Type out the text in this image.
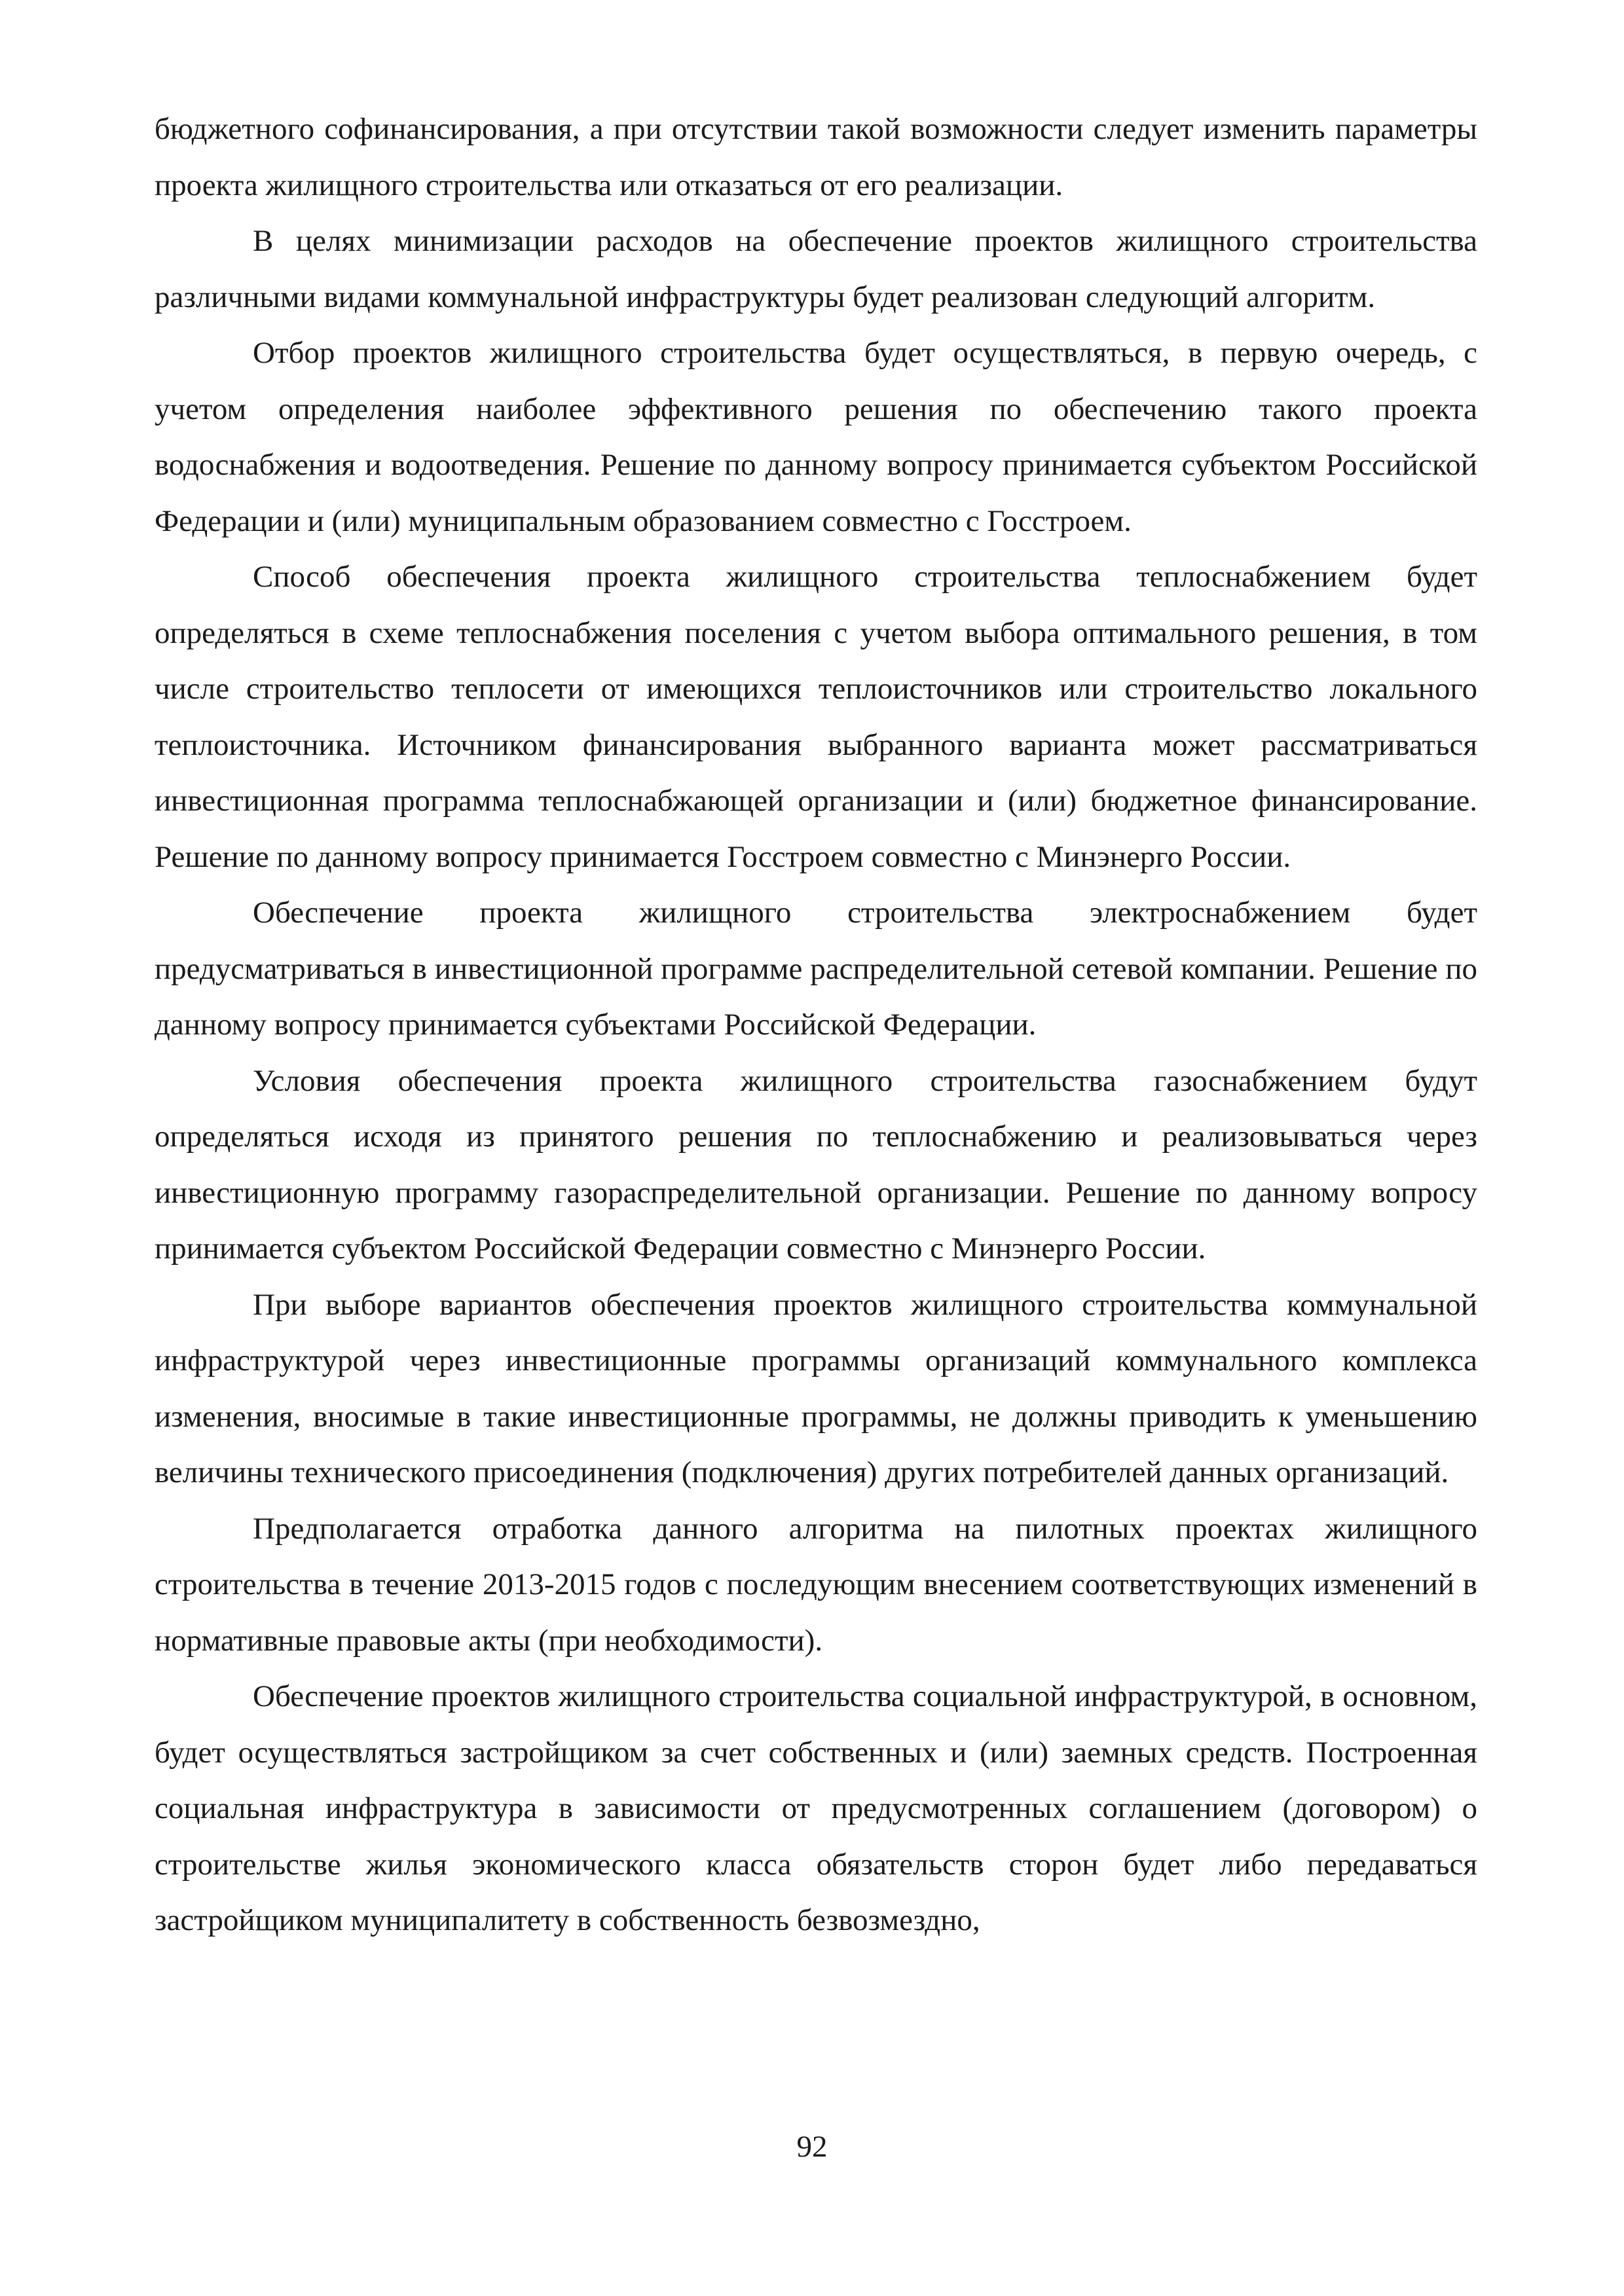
бюджетного софинансирования, а при отсутствии такой возможности следует изменить параметры проекта жилищного строительства или отказаться от его реализации.

В целях минимизации расходов на обеспечение проектов жилищного строительства различными видами коммунальной инфраструктуры будет реализован следующий алгоритм.

Отбор проектов жилищного строительства будет осуществляться, в первую очередь, с учетом определения наиболее эффективного решения по обеспечению такого проекта водоснабжения и водоотведения. Решение по данному вопросу принимается субъектом Российской Федерации и (или) муниципальным образованием совместно с Госстроем.

Способ обеспечения проекта жилищного строительства теплоснабжением будет определяться в схеме теплоснабжения поселения с учетом выбора оптимального решения, в том числе строительство теплосети от имеющихся теплоисточников или строительство локального теплоисточника. Источником финансирования выбранного варианта может рассматриваться инвестиционная программа теплоснабжающей организации и (или) бюджетное финансирование. Решение по данному вопросу принимается Госстроем совместно с Минэнерго России.

Обеспечение проекта жилищного строительства электроснабжением будет предусматриваться в инвестиционной программе распределительной сетевой компании. Решение по данному вопросу принимается субъектами Российской Федерации.

Условия обеспечения проекта жилищного строительства газоснабжением будут определяться исходя из принятого решения по теплоснабжению и реализовываться через инвестиционную программу газораспределительной организации. Решение по данному вопросу принимается субъектом Российской Федерации совместно с Минэнерго России.

При выборе вариантов обеспечения проектов жилищного строительства коммунальной инфраструктурой через инвестиционные программы организаций коммунального комплекса изменения, вносимые в такие инвестиционные программы, не должны приводить к уменьшению величины технического присоединения (подключения) других потребителей данных организаций.

Предполагается отработка данного алгоритма на пилотных проектах жилищного строительства в течение 2013-2015 годов с последующим внесением соответствующих изменений в нормативные правовые акты (при необходимости).

Обеспечение проектов жилищного строительства социальной инфраструктурой, в основном, будет осуществляться застройщиком за счет собственных и (или) заемных средств. Построенная социальная инфраструктура в зависимости от предусмотренных соглашением (договором) о строительстве жилья экономического класса обязательств сторон будет либо передаваться застройщиком муниципалитету в собственность безвозмездно,

92
